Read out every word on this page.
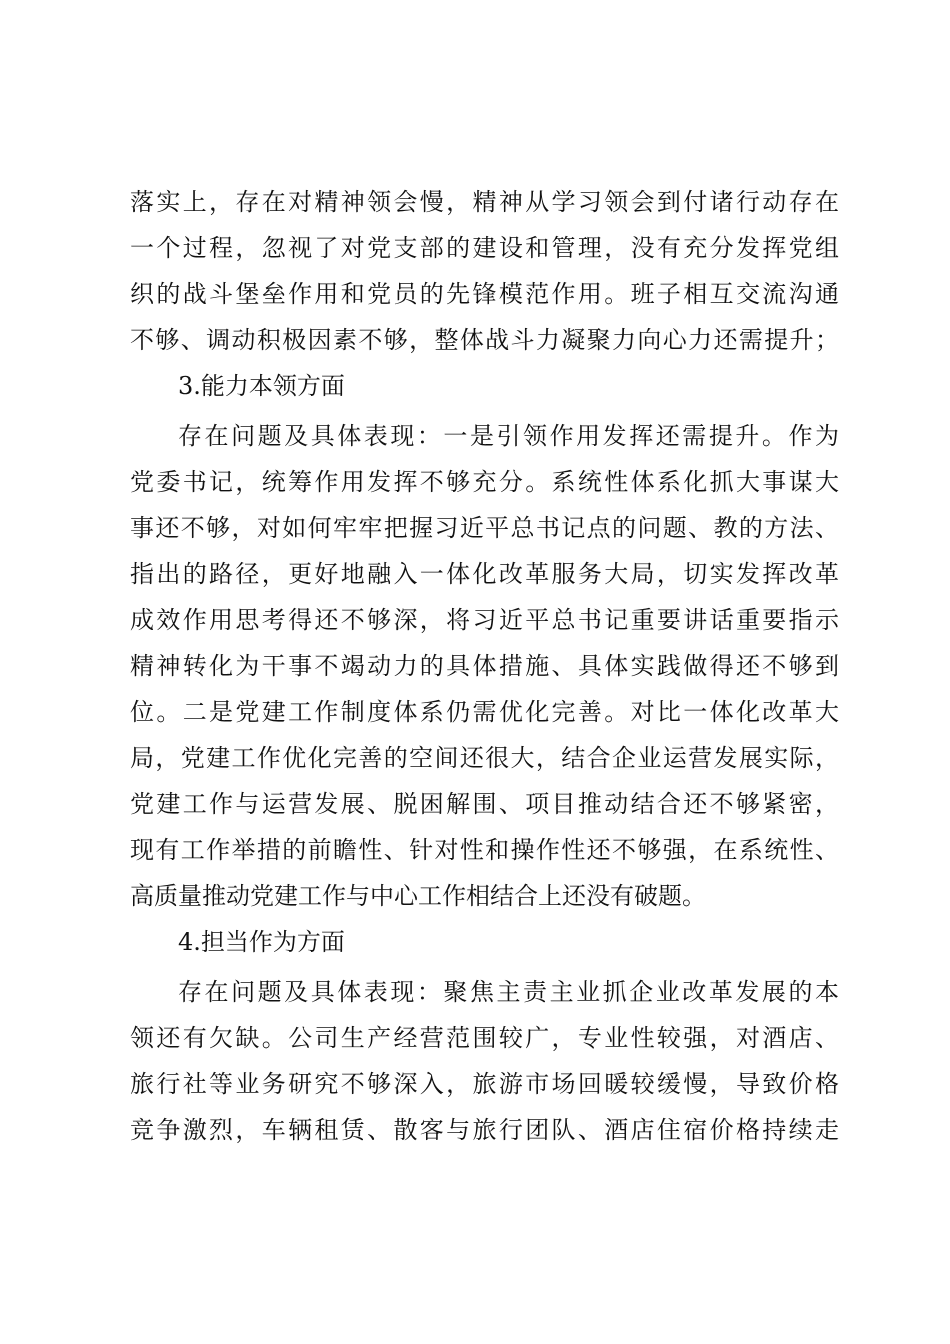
落实上，存在对精神领会慢，精神从学习领会到付诸行动存在
一个过程，忽视了对党支部的建设和管理，没有充分发挥党组
织的战斗堡垒作用和党员的先锋模范作用。班子相互交流沟通
不够、调动积极因素不够，整体战斗力凝聚力向心力还需提升；
3.能力本领方面
存在问题及具体表现：一是引领作用发挥还需提升。作为
党委书记，统筹作用发挥不够充分。系统性体系化抓大事谋大
事还不够，对如何牢牢把握习近平总书记点的问题、教的方法、
指出的路径，更好地融入一体化改革服务大局，切实发挥改革
成效作用思考得还不够深，将习近平总书记重要讲话重要指示
精神转化为干事不竭动力的具体措施、具体实践做得还不够到
位。二是党建工作制度体系仍需优化完善。对比一体化改革大
局，党建工作优化完善的空间还很大，结合企业运营发展实际，
党建工作与运营发展、脱困解围、项目推动结合还不够紧密，
现有工作举措的前瞻性、针对性和操作性还不够强，在系统性、
高质量推动党建工作与中心工作相结合上还没有破题。
4.担当作为方面
存在问题及具体表现：聚焦主责主业抓企业改革发展的本
领还有欠缺。公司生产经营范围较广，专业性较强，对酒店、
旅行社等业务研究不够深入，旅游市场回暖较缓慢，导致价格
竞争激烈，车辆租赁、散客与旅行团队、酒店住宿价格持续走
